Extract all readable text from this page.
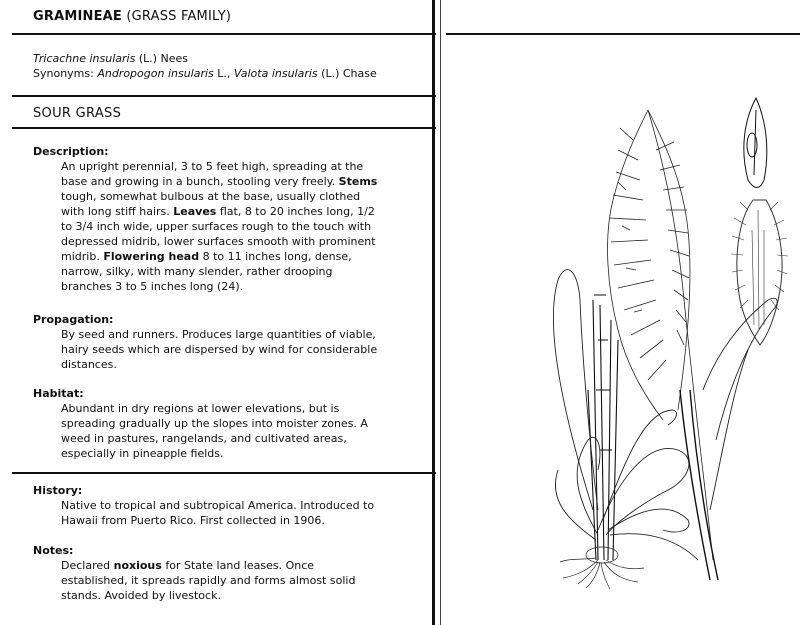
GRAMINEAE (GRASS FAMILY)
Tricachne insularis (L.) Nees
Synonyms: Andropogon insularis L., Valota insularis (L.) Chase
SOUR GRASS
Description:
An upright perennial, 3 to 5 feet high, spreading at the base and growing in a bunch, stooling very freely. Stems tough, somewhat bulbous at the base, usually clothed with long stiff hairs. Leaves flat, 8 to 20 inches long, 1/2 to 3/4 inch wide, upper surfaces rough to the touch with depressed midrib, lower surfaces smooth with prominent midrib. Flowering head 8 to 11 inches long, dense, narrow, silky, with many slender, rather drooping branches 3 to 5 inches long (24).
Propagation:
By seed and runners. Produces large quantities of viable, hairy seeds which are dispersed by wind for considerable distances.
Habitat:
Abundant in dry regions at lower elevations, but is spreading gradually up the slopes into moister zones. A weed in pastures, rangelands, and cultivated areas, especially in pineapple fields.
History:
Native to tropical and subtropical America. Introduced to Hawaii from Puerto Rico. First collected in 1906.
Notes:
Declared noxious for State land leases. Once established, it spreads rapidly and forms almost solid stands. Avoided by livestock.
